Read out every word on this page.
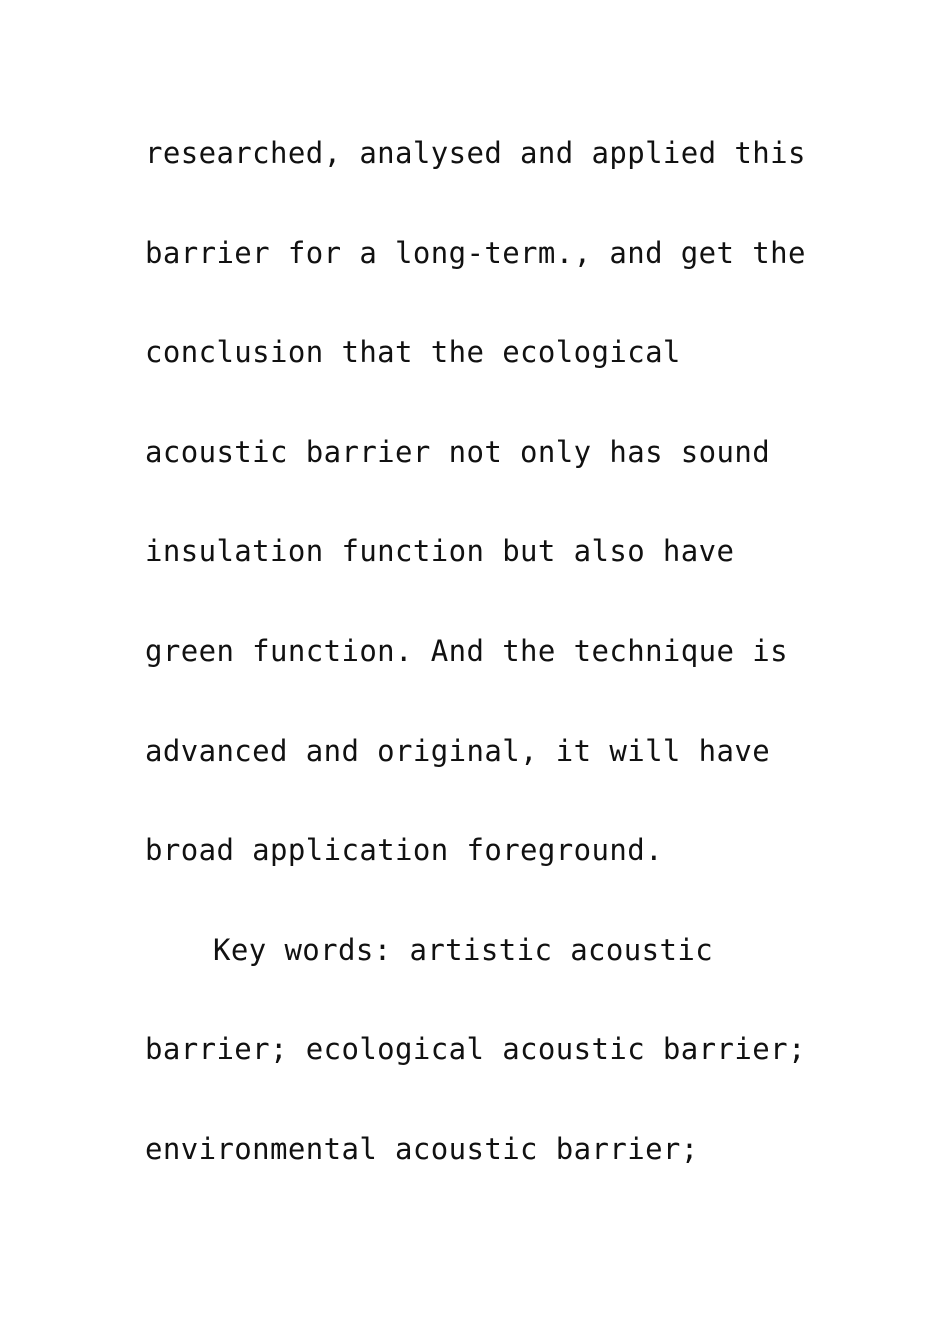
researched, analysed and applied this
barrier for a long-term., and get the
conclusion that the ecological
acoustic barrier not only has sound
insulation function but also have
green function. And the technique is
advanced and original, it will have
broad application foreground.
Key words: artistic acoustic
barrier; ecological acoustic barrier;
environmental acoustic barrier;
